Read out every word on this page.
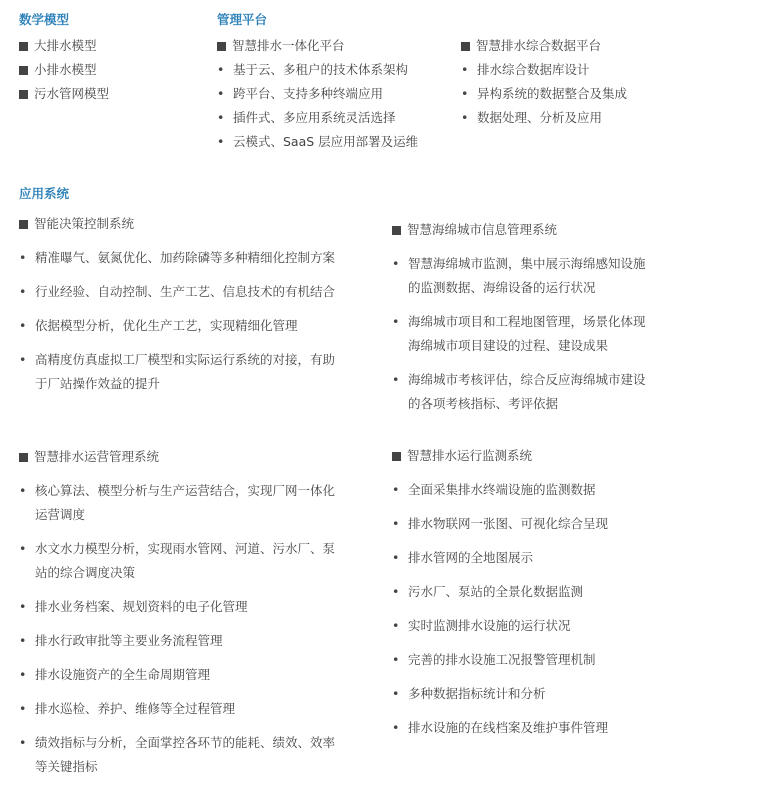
数学模型
大排水模型
小排水模型
污水管网模型
管理平台
智慧排水一体化平台
• 基于云、多租户的技术体系架构
• 跨平台、支持多种终端应用
• 插件式、多应用系统灵活选择
• 云模式、SaaS 层应用部署及运维
智慧排水综合数据平台
• 排水综合数据库设计
• 异构系统的数据整合及集成
• 数据处理、分析及应用
应用系统
智能决策控制系统
• 精准曝气、氨氮优化、加药除磷等多种精细化控制方案
• 行业经验、自动控制、生产工艺、信息技术的有机结合
• 依据模型分析，优化生产工艺，实现精细化管理
• 高精度仿真虚拟工厂模型和实际运行系统的对接，有助于厂站操作效益的提升
智慧海绵城市信息管理系统
• 智慧海绵城市监测，集中展示海绵感知设施的监测数据、海绵设备的运行状况
• 海绵城市项目和工程地图管理，场景化体现海绵城市项目建设的过程、建设成果
• 海绵城市考核评估，综合反应海绵城市建设的各项考核指标、考评依据
智慧排水运营管理系统
• 核心算法、模型分析与生产运营结合，实现厂网一体化运营调度
• 水文水力模型分析，实现雨水管网、河道、污水厂、泵站的综合调度决策
• 排水业务档案、规划资料的电子化管理
• 排水行政审批等主要业务流程管理
• 排水设施资产的全生命周期管理
• 排水巡检、养护、维修等全过程管理
• 绩效指标与分析，全面掌控各环节的能耗、绩效、效率等关键指标
智慧排水运行监测系统
• 全面采集排水终端设施的监测数据
• 排水物联网一张图、可视化综合呈现
• 排水管网的全地图展示
• 污水厂、泵站的全景化数据监测
• 实时监测排水设施的运行状况
• 完善的排水设施工况报警管理机制
• 多种数据指标统计和分析
• 排水设施的在线档案及维护事件管理
